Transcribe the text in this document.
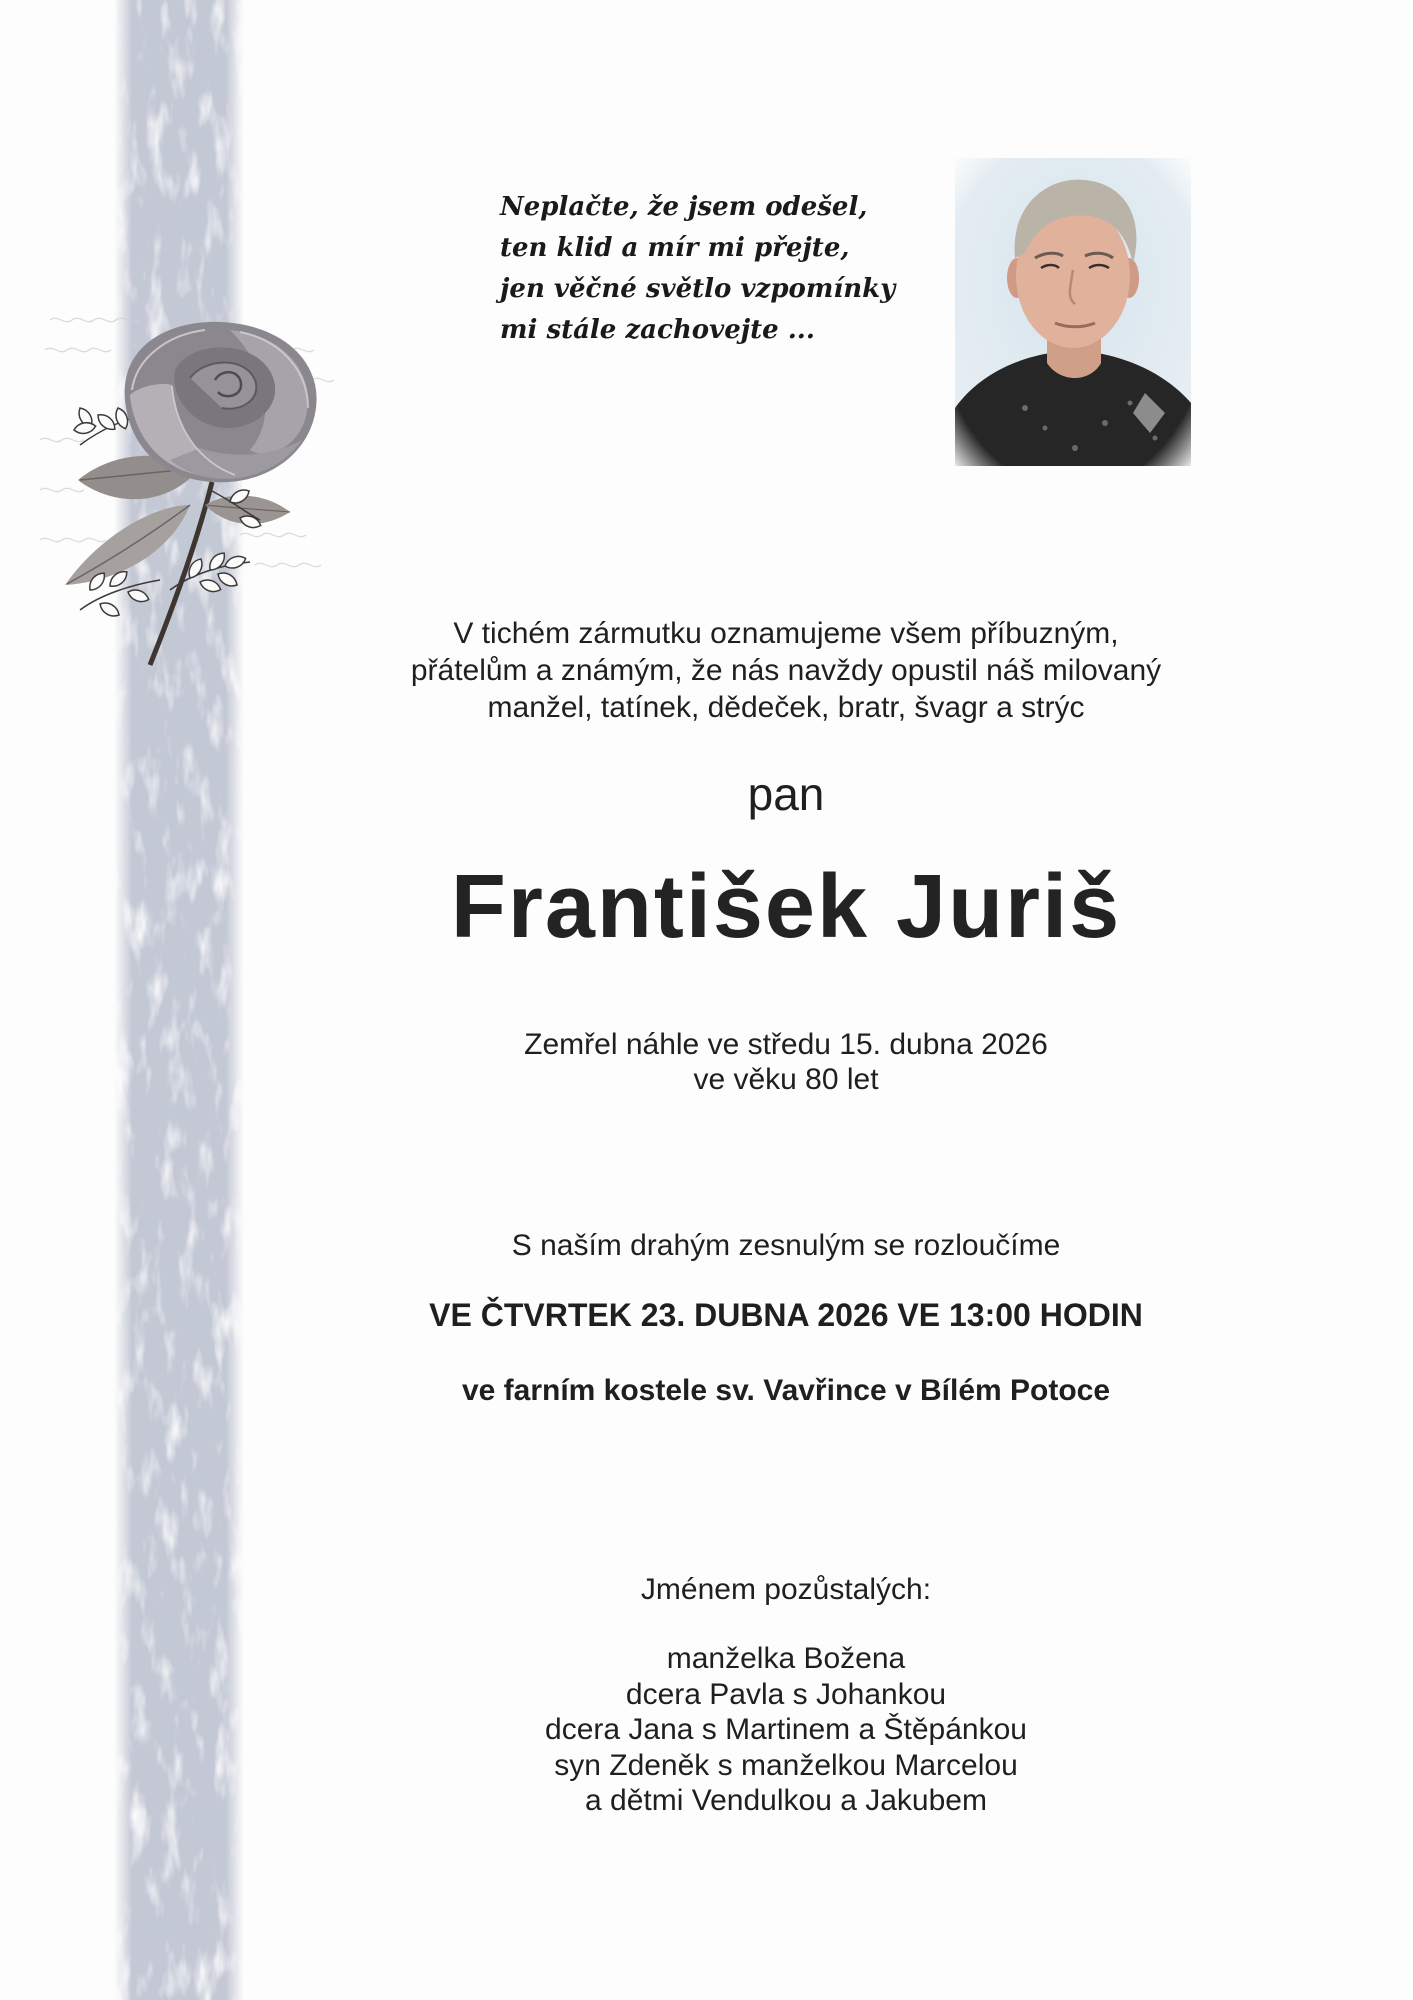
Neplačte, že jsem odešel,
ten klid a mír mi přejte,
jen věčné světlo vzpomínky
mi stále zachovejte ...
V tichém zármutku oznamujeme všem příbuzným,
přátelům a známým, že nás navždy opustil náš milovaný
manžel, tatínek, dědeček, bratr, švagr a strýc
pan
František Juriš
Zemřel náhle ve středu 15. dubna 2026
ve věku 80 let
S naším drahým zesnulým se rozloučíme
VE ČTVRTEK 23. DUBNA 2026 VE 13:00 HODIN
ve farním kostele sv. Vavřince v Bílém Potoce
Jménem pozůstalých:
manželka Božena
dcera Pavla s Johankou
dcera Jana s Martinem a Štěpánkou
syn Zdeněk s manželkou Marcelou
a dětmi Vendulkou a Jakubem
